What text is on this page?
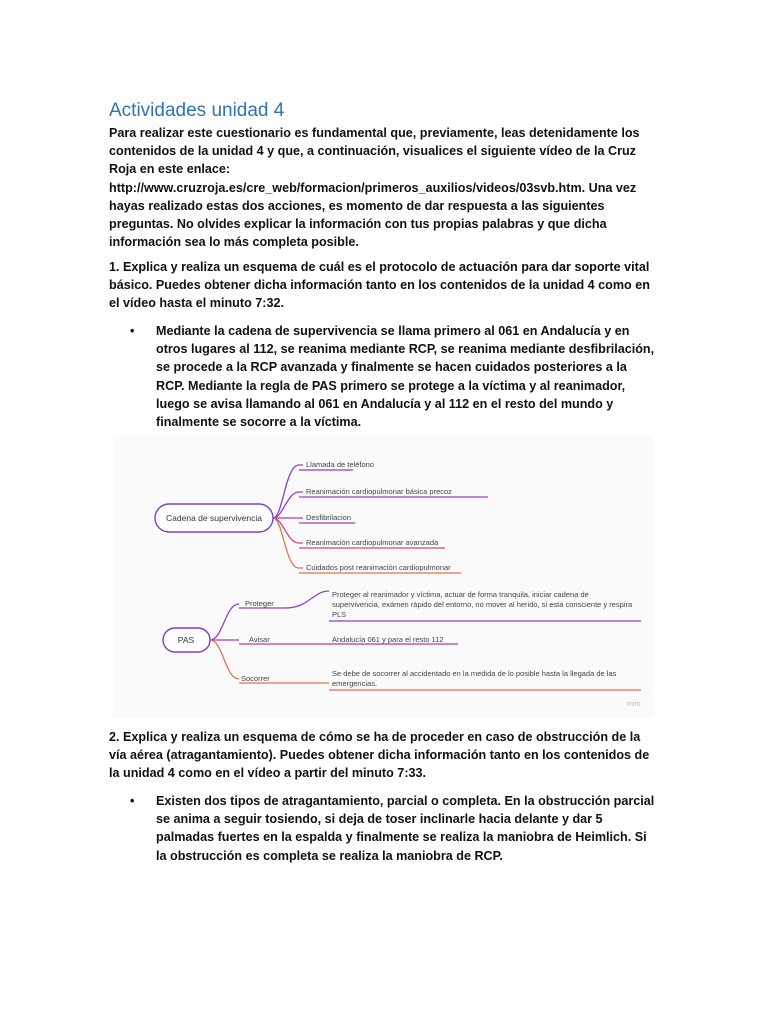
Actividades unidad 4

Para realizar este cuestionario es fundamental que, previamente, leas detenidamente los contenidos de la unidad 4 y que, a continuación, visualices el siguiente vídeo de la Cruz Roja en este enlace: http://www.cruzroja.es/cre_web/formacion/primeros_auxilios/videos/03svb.htm. Una vez hayas realizado estas dos acciones, es momento de dar respuesta a las siguientes preguntas. No olvides explicar la información con tus propias palabras y que dicha información sea lo más completa posible.

1. Explica y realiza un esquema de cuál es el protocolo de actuación para dar soporte vital básico. Puedes obtener dicha información tanto en los contenidos de la unidad 4 como en el vídeo hasta el minuto 7:32.

• Mediante la cadena de supervivencia se llama primero al 061 en Andalucía y en otros lugares al 112, se reanima mediante RCP, se reanima mediante desfibrilación, se procede a la RCP avanzada y finalmente se hacen cuidados posteriores a la RCP. Mediante la regla de PAS primero se protege a la víctima y al reanimador, luego se avisa llamando al 061 en Andalucía y al 112 en el resto del mundo y finalmente se socorre a la víctima.

Cadena de supervivencia
Llamada de teléfono
Reanimación cardiopulmonar básica precoz
Desfibrilacion
Reanimación cardiopulmonar avanzada
Cuidados post reanimación cardiopulmonar
PAS
Proteger
Avisar
Socorrer
Proteger al reanimador y víctima, actuar de forma tranquila, iniciar cadena de
supervivencia, exámen rápido del entorno, no mover al herido, si esta consciente y respira
PLS
Andalucía 061 y para el resto 112
Se debe de socorrer al accidentado en la medida de lo posible hasta la llegada de las
emergencias.
miro

2. Explica y realiza un esquema de cómo se ha de proceder en caso de obstrucción de la vía aérea (atragantamiento). Puedes obtener dicha información tanto en los contenidos de la unidad 4 como en el vídeo a partir del minuto 7:33.

• Existen dos tipos de atragantamiento, parcial o completa. En la obstrucción parcial se anima a seguir tosiendo, si deja de toser inclinarle hacia delante y dar 5 palmadas fuertes en la espalda y finalmente se realiza la maniobra de Heimlich. Si la obstrucción es completa se realiza la maniobra de RCP.
